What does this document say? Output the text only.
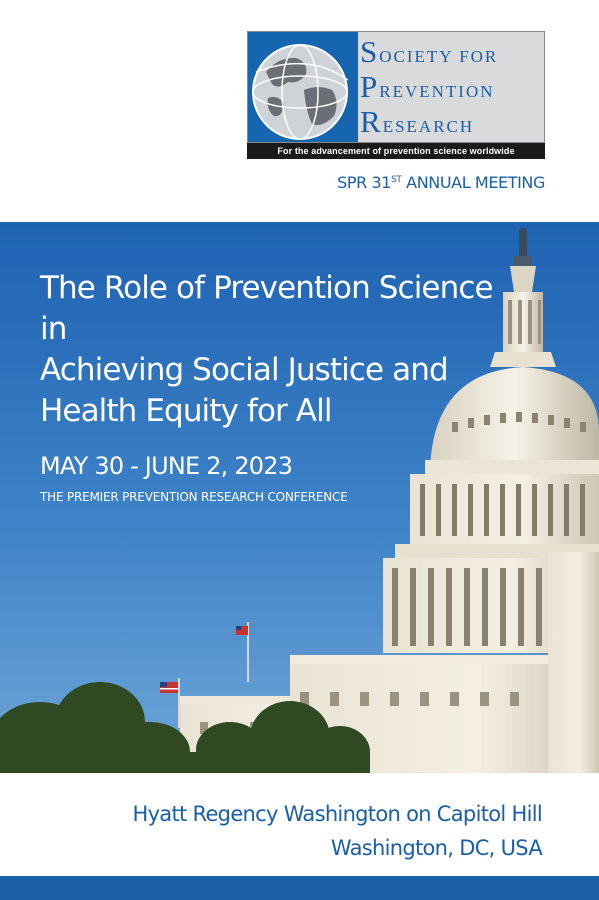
SOCIETY FOR
PREVENTION
RESEARCH
For the advancement of prevention science worldwide
SPR 31ST ANNUAL MEETING
The Role of Prevention Science in
Achieving Social Justice and
Health Equity for All
MAY 30 - JUNE 2, 2023
THE PREMIER PREVENTION RESEARCH CONFERENCE
Hyatt Regency Washington on Capitol Hill
Washington, DC, USA
